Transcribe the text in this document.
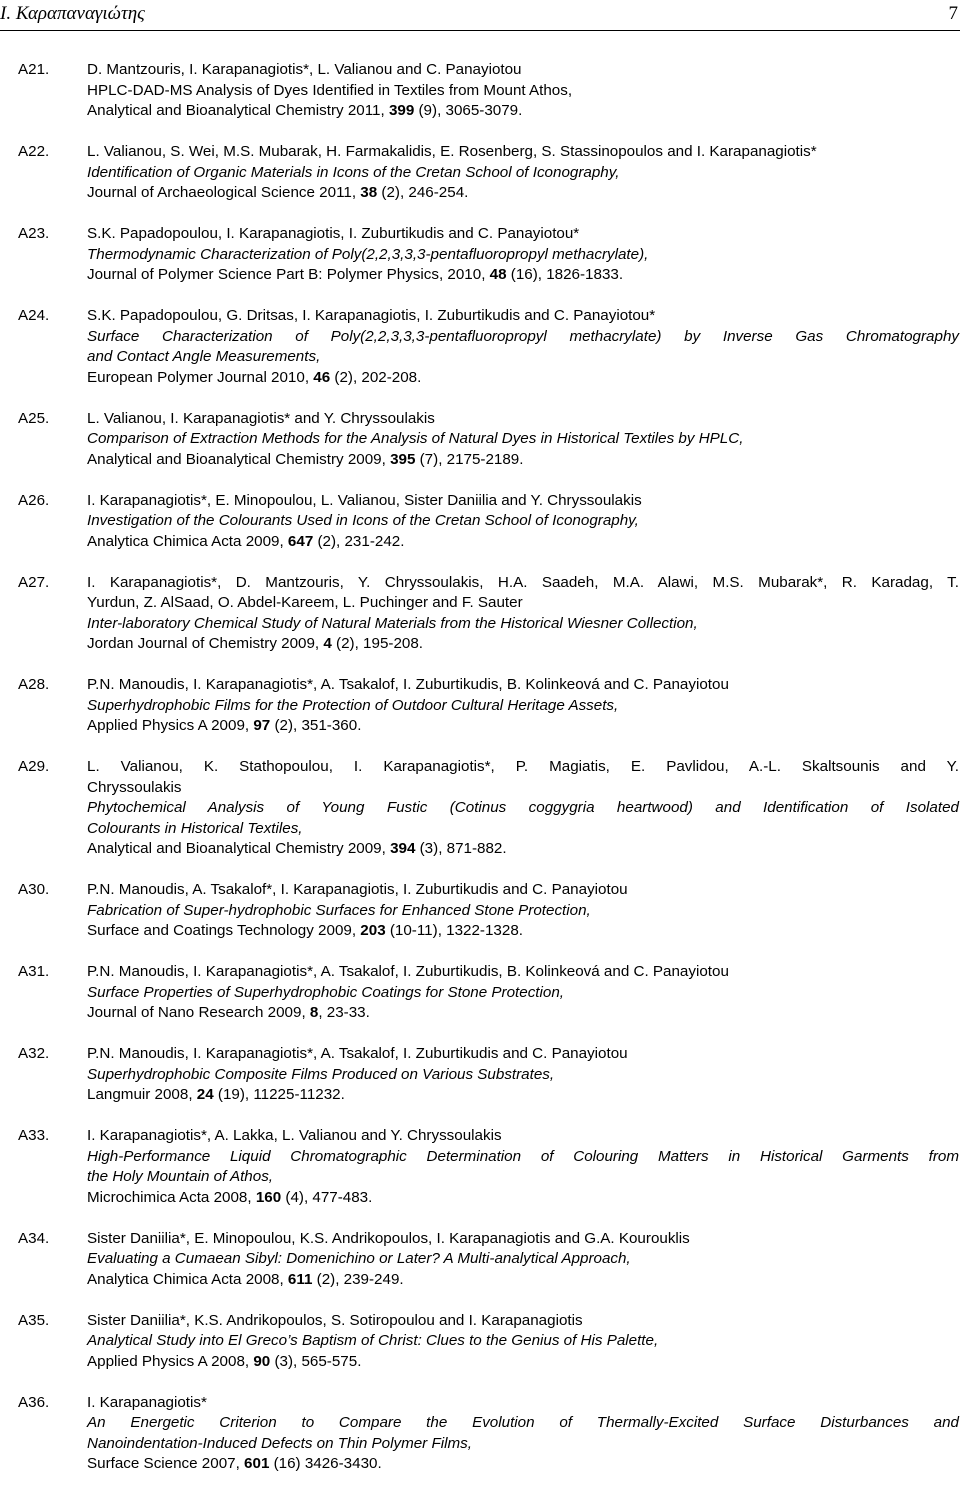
Ι. Καραπαναγιώτης	7
A21. D. Mantzouris, I. Karapanagiotis*, L. Valianou and C. Panayiotou
HPLC-DAD-MS Analysis of Dyes Identified in Textiles from Mount Athos,
Analytical and Bioanalytical Chemistry 2011, 399 (9), 3065-3079.
A22. L. Valianou, S. Wei, M.S. Mubarak, H. Farmakalidis, E. Rosenberg, S. Stassinopoulos and I. Karapanagiotis*
Identification of Organic Materials in Icons of the Cretan School of Iconography,
Journal of Archaeological Science 2011, 38 (2), 246-254.
A23. S.K. Papadopoulou, I. Karapanagiotis, I. Zuburtikudis and C. Panayiotou*
Thermodynamic Characterization of Poly(2,2,3,3,3-pentafluoropropyl methacrylate),
Journal of Polymer Science Part B: Polymer Physics, 2010, 48 (16), 1826-1833.
A24. S.K. Papadopoulou, G. Dritsas, I. Karapanagiotis, I. Zuburtikudis and C. Panayiotou*
Surface Characterization of Poly(2,2,3,3,3-pentafluoropropyl methacrylate) by Inverse Gas Chromatography
and Contact Angle Measurements,
European Polymer Journal 2010, 46 (2), 202-208.
A25. L. Valianou, I. Karapanagiotis* and Y. Chryssoulakis
Comparison of Extraction Methods for the Analysis of Natural Dyes in Historical Textiles by HPLC,
Analytical and Bioanalytical Chemistry 2009, 395 (7), 2175-2189.
A26. I. Karapanagiotis*, E. Minopoulou, L. Valianou, Sister Daniilia and Y. Chryssoulakis
Investigation of the Colourants Used in Icons of the Cretan School of Iconography,
Analytica Chimica Acta 2009, 647 (2), 231-242.
A27. I. Karapanagiotis*, D. Mantzouris, Y. Chryssoulakis, H.A. Saadeh, M.A. Alawi, M.S. Mubarak*, R. Karadag, T.
Yurdun, Z. AlSaad, O. Abdel-Kareem, L. Puchinger and F. Sauter
Inter-laboratory Chemical Study of Natural Materials from the Historical Wiesner Collection,
Jordan Journal of Chemistry 2009, 4 (2), 195-208.
A28. P.N. Manoudis, I. Karapanagiotis*, A. Tsakalof, I. Zuburtikudis, B. Kolinkeová and C. Panayiotou
Superhydrophobic Films for the Protection of Outdoor Cultural Heritage Assets,
Applied Physics A 2009, 97 (2), 351-360.
A29. L. Valianou, K. Stathopoulou, I. Karapanagiotis*, P. Magiatis, E. Pavlidou, A.-L. Skaltsounis and Y.
Chryssoulakis
Phytochemical Analysis of Young Fustic (Cotinus coggygria heartwood) and Identification of Isolated
Colourants in Historical Textiles,
Analytical and Bioanalytical Chemistry 2009, 394 (3), 871-882.
A30. P.N. Manoudis, A. Tsakalof*, I. Karapanagiotis, I. Zuburtikudis and C. Panayiotou
Fabrication of Super-hydrophobic Surfaces for Enhanced Stone Protection,
Surface and Coatings Technology 2009, 203 (10-11), 1322-1328.
A31. P.N. Manoudis, I. Karapanagiotis*, A. Tsakalof, I. Zuburtikudis, B. Kolinkeová and C. Panayiotou
Surface Properties of Superhydrophobic Coatings for Stone Protection,
Journal of Nano Research 2009, 8, 23-33.
A32. P.N. Manoudis, I. Karapanagiotis*, A. Tsakalof, I. Zuburtikudis and C. Panayiotou
Superhydrophobic Composite Films Produced on Various Substrates,
Langmuir 2008, 24 (19), 11225-11232.
A33. I. Karapanagiotis*, A. Lakka, L. Valianou and Y. Chryssoulakis
High-Performance Liquid Chromatographic Determination of Colouring Matters in Historical Garments from
the Holy Mountain of Athos,
Microchimica Acta 2008, 160 (4), 477-483.
A34. Sister Daniilia*, E. Minopoulou, K.S. Andrikopoulos, I. Karapanagiotis and G.A. Kourouklis
Evaluating a Cumaean Sibyl: Domenichino or Later? A Multi-analytical Approach,
Analytica Chimica Acta 2008, 611 (2), 239-249.
A35. Sister Daniilia*, K.S. Andrikopoulos, S. Sotiropoulou and I. Karapanagiotis
Analytical Study into El Greco’s Baptism of Christ: Clues to the Genius of His Palette,
Applied Physics A 2008, 90 (3), 565-575.
A36. I. Karapanagiotis*
An Energetic Criterion to Compare the Evolution of Thermally-Excited Surface Disturbances and
Nanoindentation-Induced Defects on Thin Polymer Films,
Surface Science 2007, 601 (16) 3426-3430.
